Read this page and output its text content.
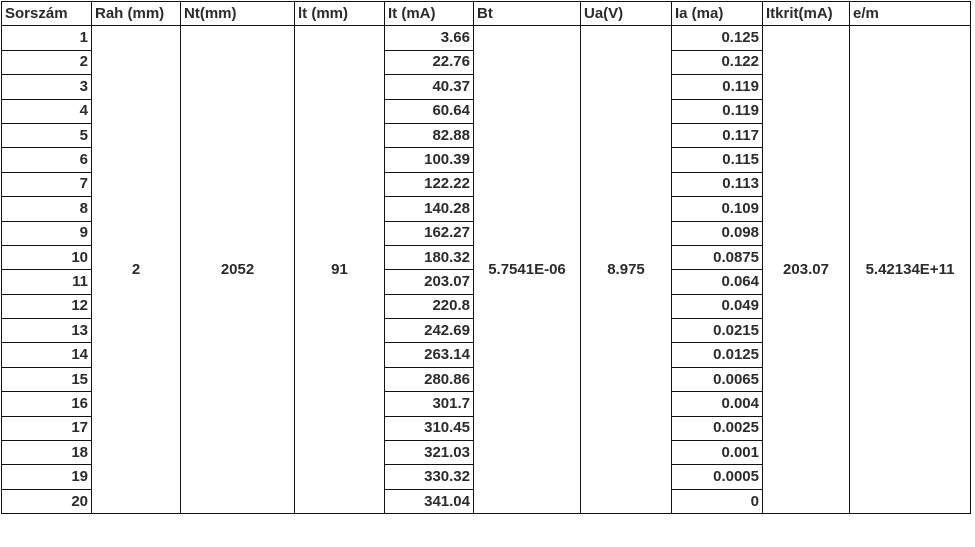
Sorszám	Rah (mm)	Nt(mm)	lt (mm)	It (mA)	Bt	Ua(V)	Ia (ma)	Itkrit(mA)	e/m
1	2	2052	91	3.66	5.7541E-06	8.975	0.125	203.07	5.42134E+11
2				22.76			0.122		
3				40.37			0.119		
4				60.64			0.119		
5				82.88			0.117		
6				100.39			0.115		
7				122.22			0.113		
8				140.28			0.109		
9				162.27			0.098		
10				180.32			0.0875		
11				203.07			0.064		
12				220.8			0.049		
13				242.69			0.0215		
14				263.14			0.0125		
15				280.86			0.0065		
16				301.7			0.004		
17				310.45			0.0025		
18				321.03			0.001		
19				330.32			0.0005		
20				341.04			0		
